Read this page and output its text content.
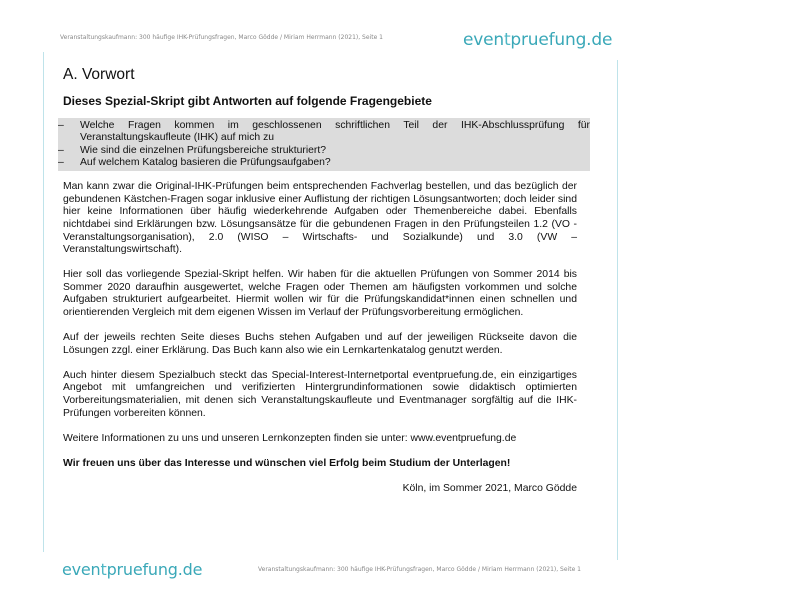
Veranstaltungskaufmann: 300 häufige IHK-Prüfungsfragen, Marco Gödde / Miriam Herrmann (2021), Seite 1	eventpruefung.de
A. Vorwort
Dieses Spezial-Skript gibt Antworten auf folgende Fragengebiete
–	Welche Fragen kommen im geschlossenen schriftlichen Teil der IHK-Abschlussprüfung für Veranstaltungskaufleute (IHK) auf mich zu
–	Wie sind die einzelnen Prüfungsbereiche strukturiert?
–	Auf welchem Katalog basieren die Prüfungsaufgaben?

Man kann zwar die Original-IHK-Prüfungen beim entsprechenden Fachverlag bestellen, und das bezüglich der gebundenen Kästchen-Fragen sogar inklusive einer Auflistung der richtigen Lösungsantworten; doch leider sind hier keine Informationen über häufig wiederkehrende Aufgaben oder Themenbereiche dabei. Ebenfalls nichtdabei sind Erklärungen bzw. Lösungsansätze für die gebundenen Fragen in den Prüfungsteilen 1.2 (VO - Veranstaltungsorganisation), 2.0 (WISO – Wirtschafts- und Sozialkunde) und 3.0 (VW – Veranstaltungswirtschaft).

Hier soll das vorliegende Spezial-Skript helfen. Wir haben für die aktuellen Prüfungen von Sommer 2014 bis Sommer 2020 daraufhin ausgewertet, welche Fragen oder Themen am häufigsten vorkommen und solche Aufgaben strukturiert aufgearbeitet. Hiermit wollen wir für die Prüfungskandidat*innen einen schnellen und orientierenden Vergleich mit dem eigenen Wissen im Verlauf der Prüfungsvorbereitung ermöglichen.

Auf der jeweils rechten Seite dieses Buchs stehen Aufgaben und auf der jeweiligen Rückseite davon die Lösungen zzgl. einer Erklärung. Das Buch kann also wie ein Lernkartenkatalog genutzt werden.

Auch hinter diesem Spezialbuch steckt das Special-Interest-Internetportal eventpruefung.de, ein einzigartiges Angebot mit umfangreichen und verifizierten Hintergrundinformationen sowie didaktisch optimierten Vorbereitungsmaterialien, mit denen sich Veranstaltungskaufleute und Eventmanager sorgfältig auf die IHK-Prüfungen vorbereiten können.

Weitere Informationen zu uns und unseren Lernkonzepten finden sie unter: www.eventpruefung.de

Wir freuen uns über das Interesse und wünschen viel Erfolg beim Studium der Unterlagen!

Köln, im Sommer 2021, Marco Gödde

eventpruefung.de	Veranstaltungskaufmann: 300 häufige IHK-Prüfungsfragen, Marco Gödde / Miriam Herrmann (2021), Seite 1
